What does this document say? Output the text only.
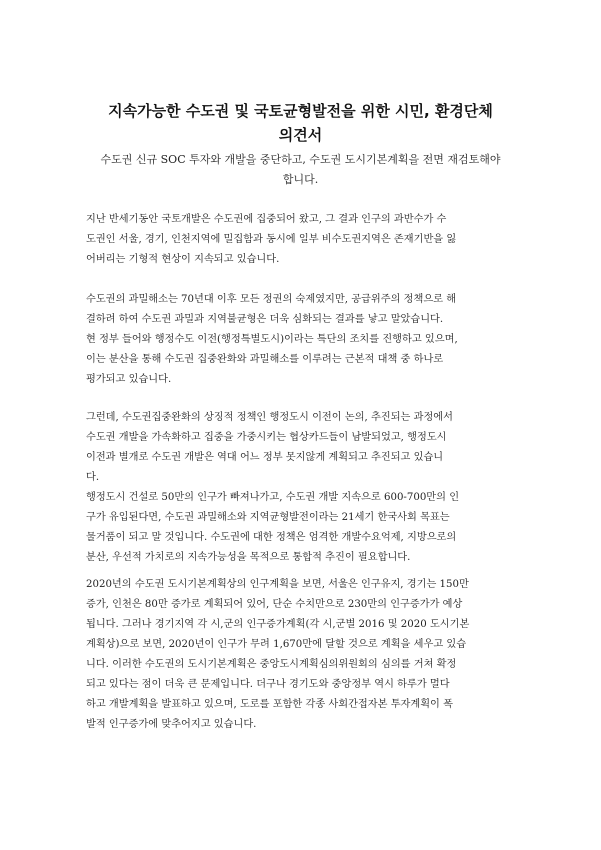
지속가능한 수도권 및 국토균형발전을 위한 시민, 환경단체
의견서

수도권 신규 SOC 투자와 개발을 중단하고, 수도권 도시기본계획을 전면 재검토해야

합니다.

지난 반세기동안 국토개발은 수도권에 집중되어 왔고, 그 결과 인구의 과반수가 수
도권인 서울, 경기, 인천지역에 밀집함과 동시에 일부 비수도권지역은 존재기반을 잃
어버리는 기형적 현상이 지속되고 있습니다.
수도권의 과밀해소는 70년대 이후 모든 정권의 숙제였지만, 공급위주의 정책으로 해
결하려 하여 수도권 과밀과 지역불균형은 더욱 심화되는 결과를 낳고 말았습니다.
현 정부 들어와 행정수도 이전(행정특별도시)이라는 특단의 조치를 진행하고 있으며,
이는 분산을 통해 수도권 집중완화와 과밀해소를 이루려는 근본적 대책 중 하나로
평가되고 있습니다.
그런데, 수도권집중완화의 상징적 정책인 행정도시 이전이 논의, 추진되는 과정에서
수도권 개발을 가속화하고 집중을 가중시키는 협상카드들이 남발되었고, 행정도시
이전과 별개로 수도권 개발은 역대 어느 정부 못지않게 계획되고 추진되고 있습니
다.
행정도시 건설로 50만의 인구가 빠져나가고, 수도권 개발 지속으로 600-700만의 인
구가 유입된다면, 수도권 과밀해소와 지역균형발전이라는 21세기 한국사회 목표는
물거품이 되고 말 것입니다. 수도권에 대한 정책은 엄격한 개발수요억제, 지방으로의
분산, 우선적 가치로의 지속가능성을 목적으로 통합적 추진이 필요합니다.
2020년의 수도권 도시기본계획상의 인구계획을 보면, 서울은 인구유지, 경기는 150만
증가, 인천은 80만 증가로 계획되어 있어, 단순 수치만으로 230만의 인구증가가 예상
됩니다. 그러나 경기지역 각 시,군의 인구증가계획(각 시,군별 2016 및 2020 도시기본
계획상)으로 보면, 2020년이 인구가 무려 1,670만에 달할 것으로 계획을 세우고 있습
니다. 이러한 수도권의 도시기본계획은 중앙도시계획심의위원회의 심의를 거쳐 확정
되고 있다는 점이 더욱 큰 문제입니다. 더구나 경기도와 중앙정부 역시 하루가 멀다
하고 개발계획을 발표하고 있으며, 도로를 포함한 각종 사회간접자본 투자계획이 폭
발적 인구증가에 맞추어지고 있습니다.
